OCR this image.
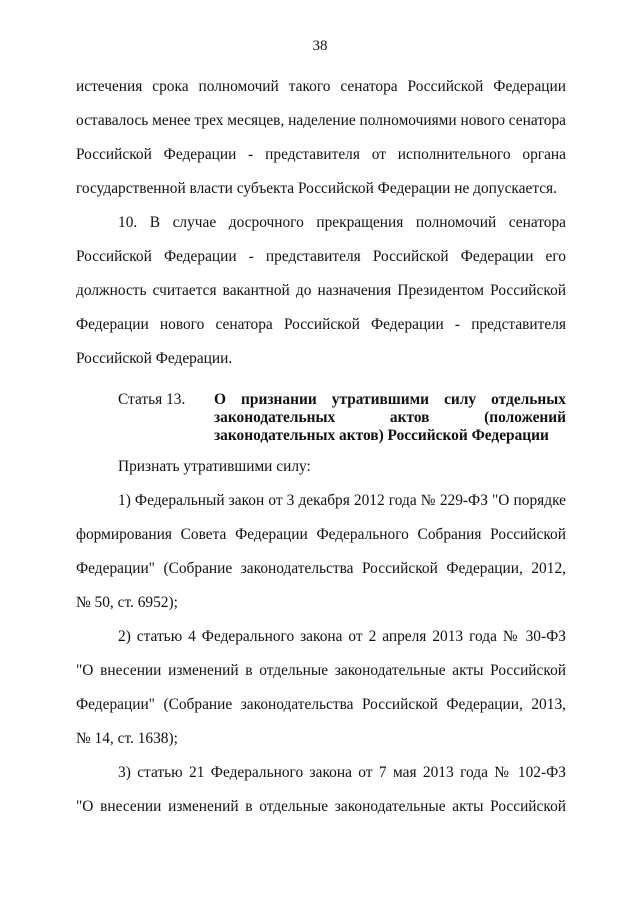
38
истечения срока полномочий такого сенатора Российской Федерации
оставалось менее трех месяцев, наделение полномочиями нового сенатора
Российской Федерации - представителя от исполнительного органа
государственной власти субъекта Российской Федерации не допускается.
10. В случае досрочного прекращения полномочий сенатора
Российской Федерации - представителя Российской Федерации его
должность считается вакантной до назначения Президентом Российской
Федерации нового сенатора Российской Федерации - представителя
Российской Федерации.
Статья 13. О признании утратившими силу отдельных
законодательных актов (положений
законодательных актов) Российской Федерации
Признать утратившими силу:
1) Федеральный закон от 3 декабря 2012 года № 229-ФЗ "О порядке
формирования Совета Федерации Федерального Собрания Российской
Федерации" (Собрание законодательства Российской Федерации, 2012,
№ 50, ст. 6952);
2) статью 4 Федерального закона от 2 апреля 2013 года № 30-ФЗ
"О внесении изменений в отдельные законодательные акты Российской
Федерации" (Собрание законодательства Российской Федерации, 2013,
№ 14, ст. 1638);
3) статью 21 Федерального закона от 7 мая 2013 года № 102-ФЗ
"О внесении изменений в отдельные законодательные акты Российской
